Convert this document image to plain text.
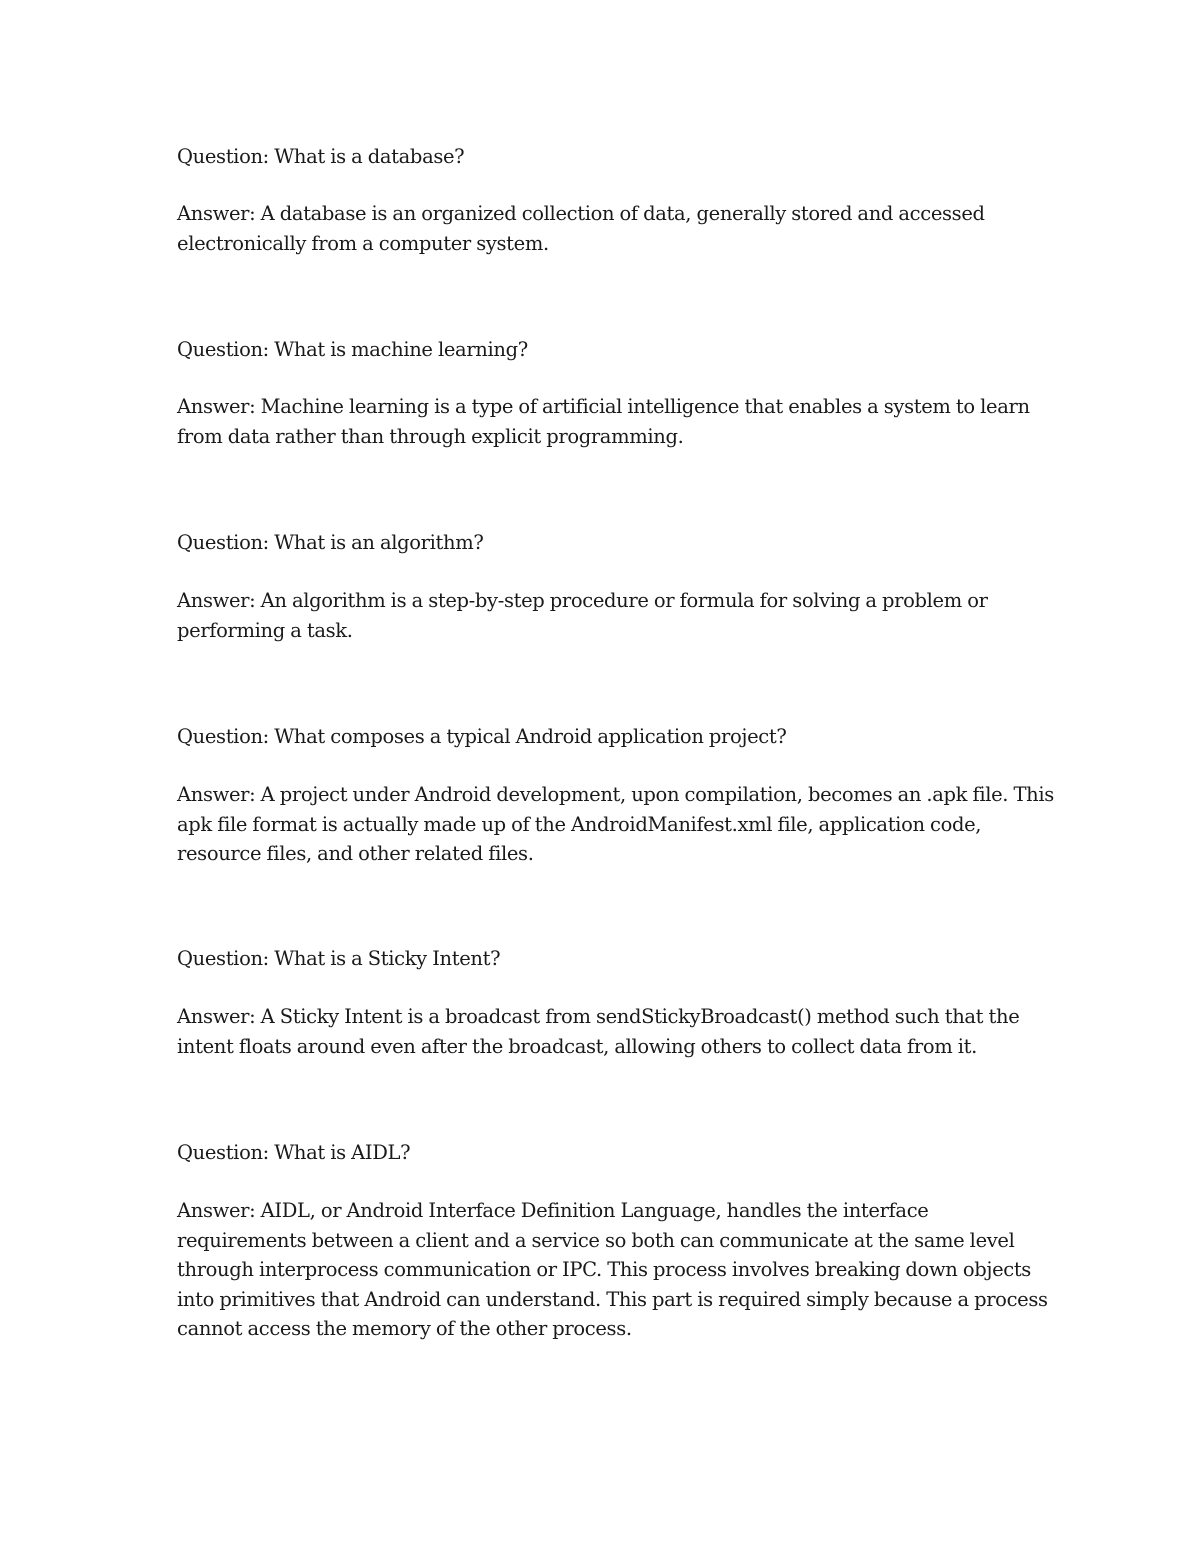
Question: What is a database?

Answer: A database is an organized collection of data, generally stored and accessed
electronically from a computer system.

Question: What is machine learning?

Answer: Machine learning is a type of artificial intelligence that enables a system to learn
from data rather than through explicit programming.

Question: What is an algorithm?

Answer: An algorithm is a step-by-step procedure or formula for solving a problem or
performing a task.

Question: What composes a typical Android application project?

Answer: A project under Android development, upon compilation, becomes an .apk file. This
apk file format is actually made up of the AndroidManifest.xml file, application code,
resource files, and other related files.

Question: What is a Sticky Intent?

Answer: A Sticky Intent is a broadcast from sendStickyBroadcast() method such that the
intent floats around even after the broadcast, allowing others to collect data from it.

Question: What is AIDL?

Answer: AIDL, or Android Interface Definition Language, handles the interface
requirements between a client and a service so both can communicate at the same level
through interprocess communication or IPC. This process involves breaking down objects
into primitives that Android can understand. This part is required simply because a process
cannot access the memory of the other process.
